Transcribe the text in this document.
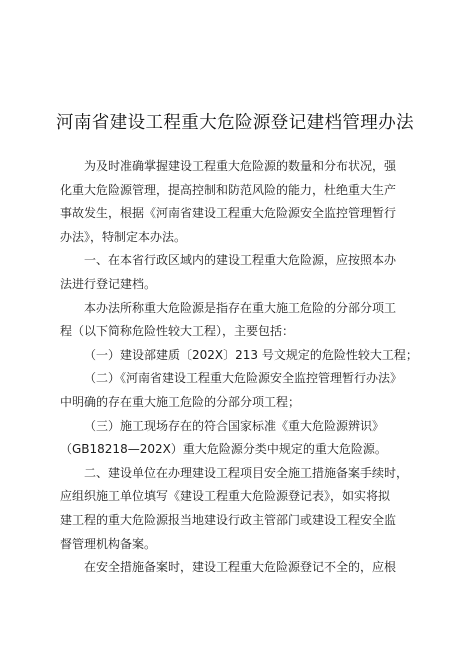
河南省建设工程重大危险源登记建档管理办法

为及时准确掌握建设工程重大危险源的数量和分布状况，强
化重大危险源管理，提高控制和防范风险的能力，杜绝重大生产
事故发生，根据《河南省建设工程重大危险源安全监控管理暂行
办法》，特制定本办法。

一、在本省行政区域内的建设工程重大危险源，应按照本办
法进行登记建档。

本办法所称重大危险源是指存在重大施工危险的分部分项工
程（以下简称危险性较大工程），主要包括：

（一）建设部建质〔202X〕213 号文规定的危险性较大工程；

（二）《河南省建设工程重大危险源安全监控管理暂行办法》
中明确的存在重大施工危险的分部分项工程；

（三）施工现场存在的符合国家标准《重大危险源辨识》
（GB18218—202X）重大危险源分类中规定的重大危险源。

二、建设单位在办理建设工程项目安全施工措施备案手续时，
应组织施工单位填写《建设工程重大危险源登记表》，如实将拟
建工程的重大危险源报当地建设行政主管部门或建设工程安全监
督管理机构备案。

在安全措施备案时，建设工程重大危险源登记不全的，应根
